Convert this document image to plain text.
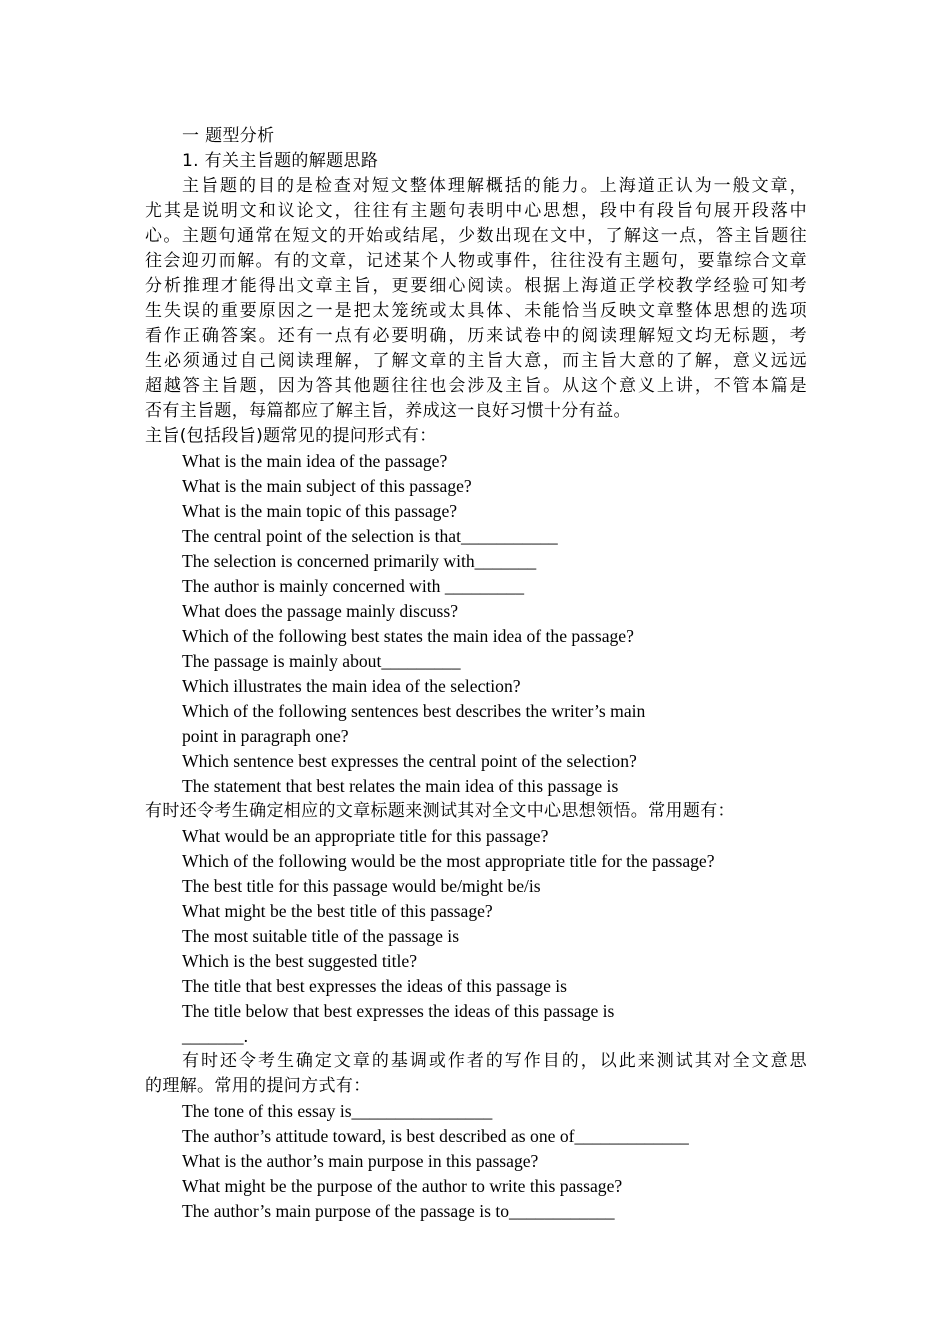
一 题型分析
1. 有关主旨题的解题思路
主旨题的目的是检查对短文整体理解概括的能力。上海道正认为一般文章，
尤其是说明文和议论文，往往有主题句表明中心思想，段中有段旨句展开段落中
心。主题句通常在短文的开始或结尾，少数出现在文中，了解这一点，答主旨题往
往会迎刃而解。有的文章，记述某个人物或事件，往往没有主题句，要靠综合文章
分析推理才能得出文章主旨，更要细心阅读。根据上海道正学校教学经验可知考
生失误的重要原因之一是把太笼统或太具体、未能恰当反映文章整体思想的选项
看作正确答案。还有一点有必要明确，历来试卷中的阅读理解短文均无标题，考
生必须通过自己阅读理解，了解文章的主旨大意，而主旨大意的了解，意义远远
超越答主旨题，因为答其他题往往也会涉及主旨。从这个意义上讲，不管本篇是
否有主旨题，每篇都应了解主旨，养成这一良好习惯十分有益。
主旨(包括段旨)题常见的提问形式有：
What is the main idea of the passage?
What is the main subject of this passage?
What is the main topic of this passage?
The central point of the selection is that___________
The selection is concerned primarily with_______
The author is mainly concerned with _________
What does the passage mainly discuss?
Which of the following best states the main idea of the passage?
The passage is mainly about_________
Which illustrates the main idea of the selection?
Which of the following sentences best describes the writer’s main
point in paragraph one?
Which sentence best expresses the central point of the selection?
The statement that best relates the main idea of this passage is
有时还令考生确定相应的文章标题来测试其对全文中心思想领悟。常用题有：
What would be an appropriate title for this passage?
Which of the following would be the most appropriate title for the passage?
The best title for this passage would be/might be/is
What might be the best title of this passage?
The most suitable title of the passage is
Which is the best suggested title?
The title that best expresses the ideas of this passage is
The title below that best expresses the ideas of this passage is
_______.
有时还令考生确定文章的基调或作者的写作目的，以此来测试其对全文意思
的理解。常用的提问方式有：
The tone of this essay is________________
The author’s attitude toward, is best described as one of_____________
What is the author’s main purpose in this passage?
What might be the purpose of the author to write this passage?
The author’s main purpose of the passage is to____________
